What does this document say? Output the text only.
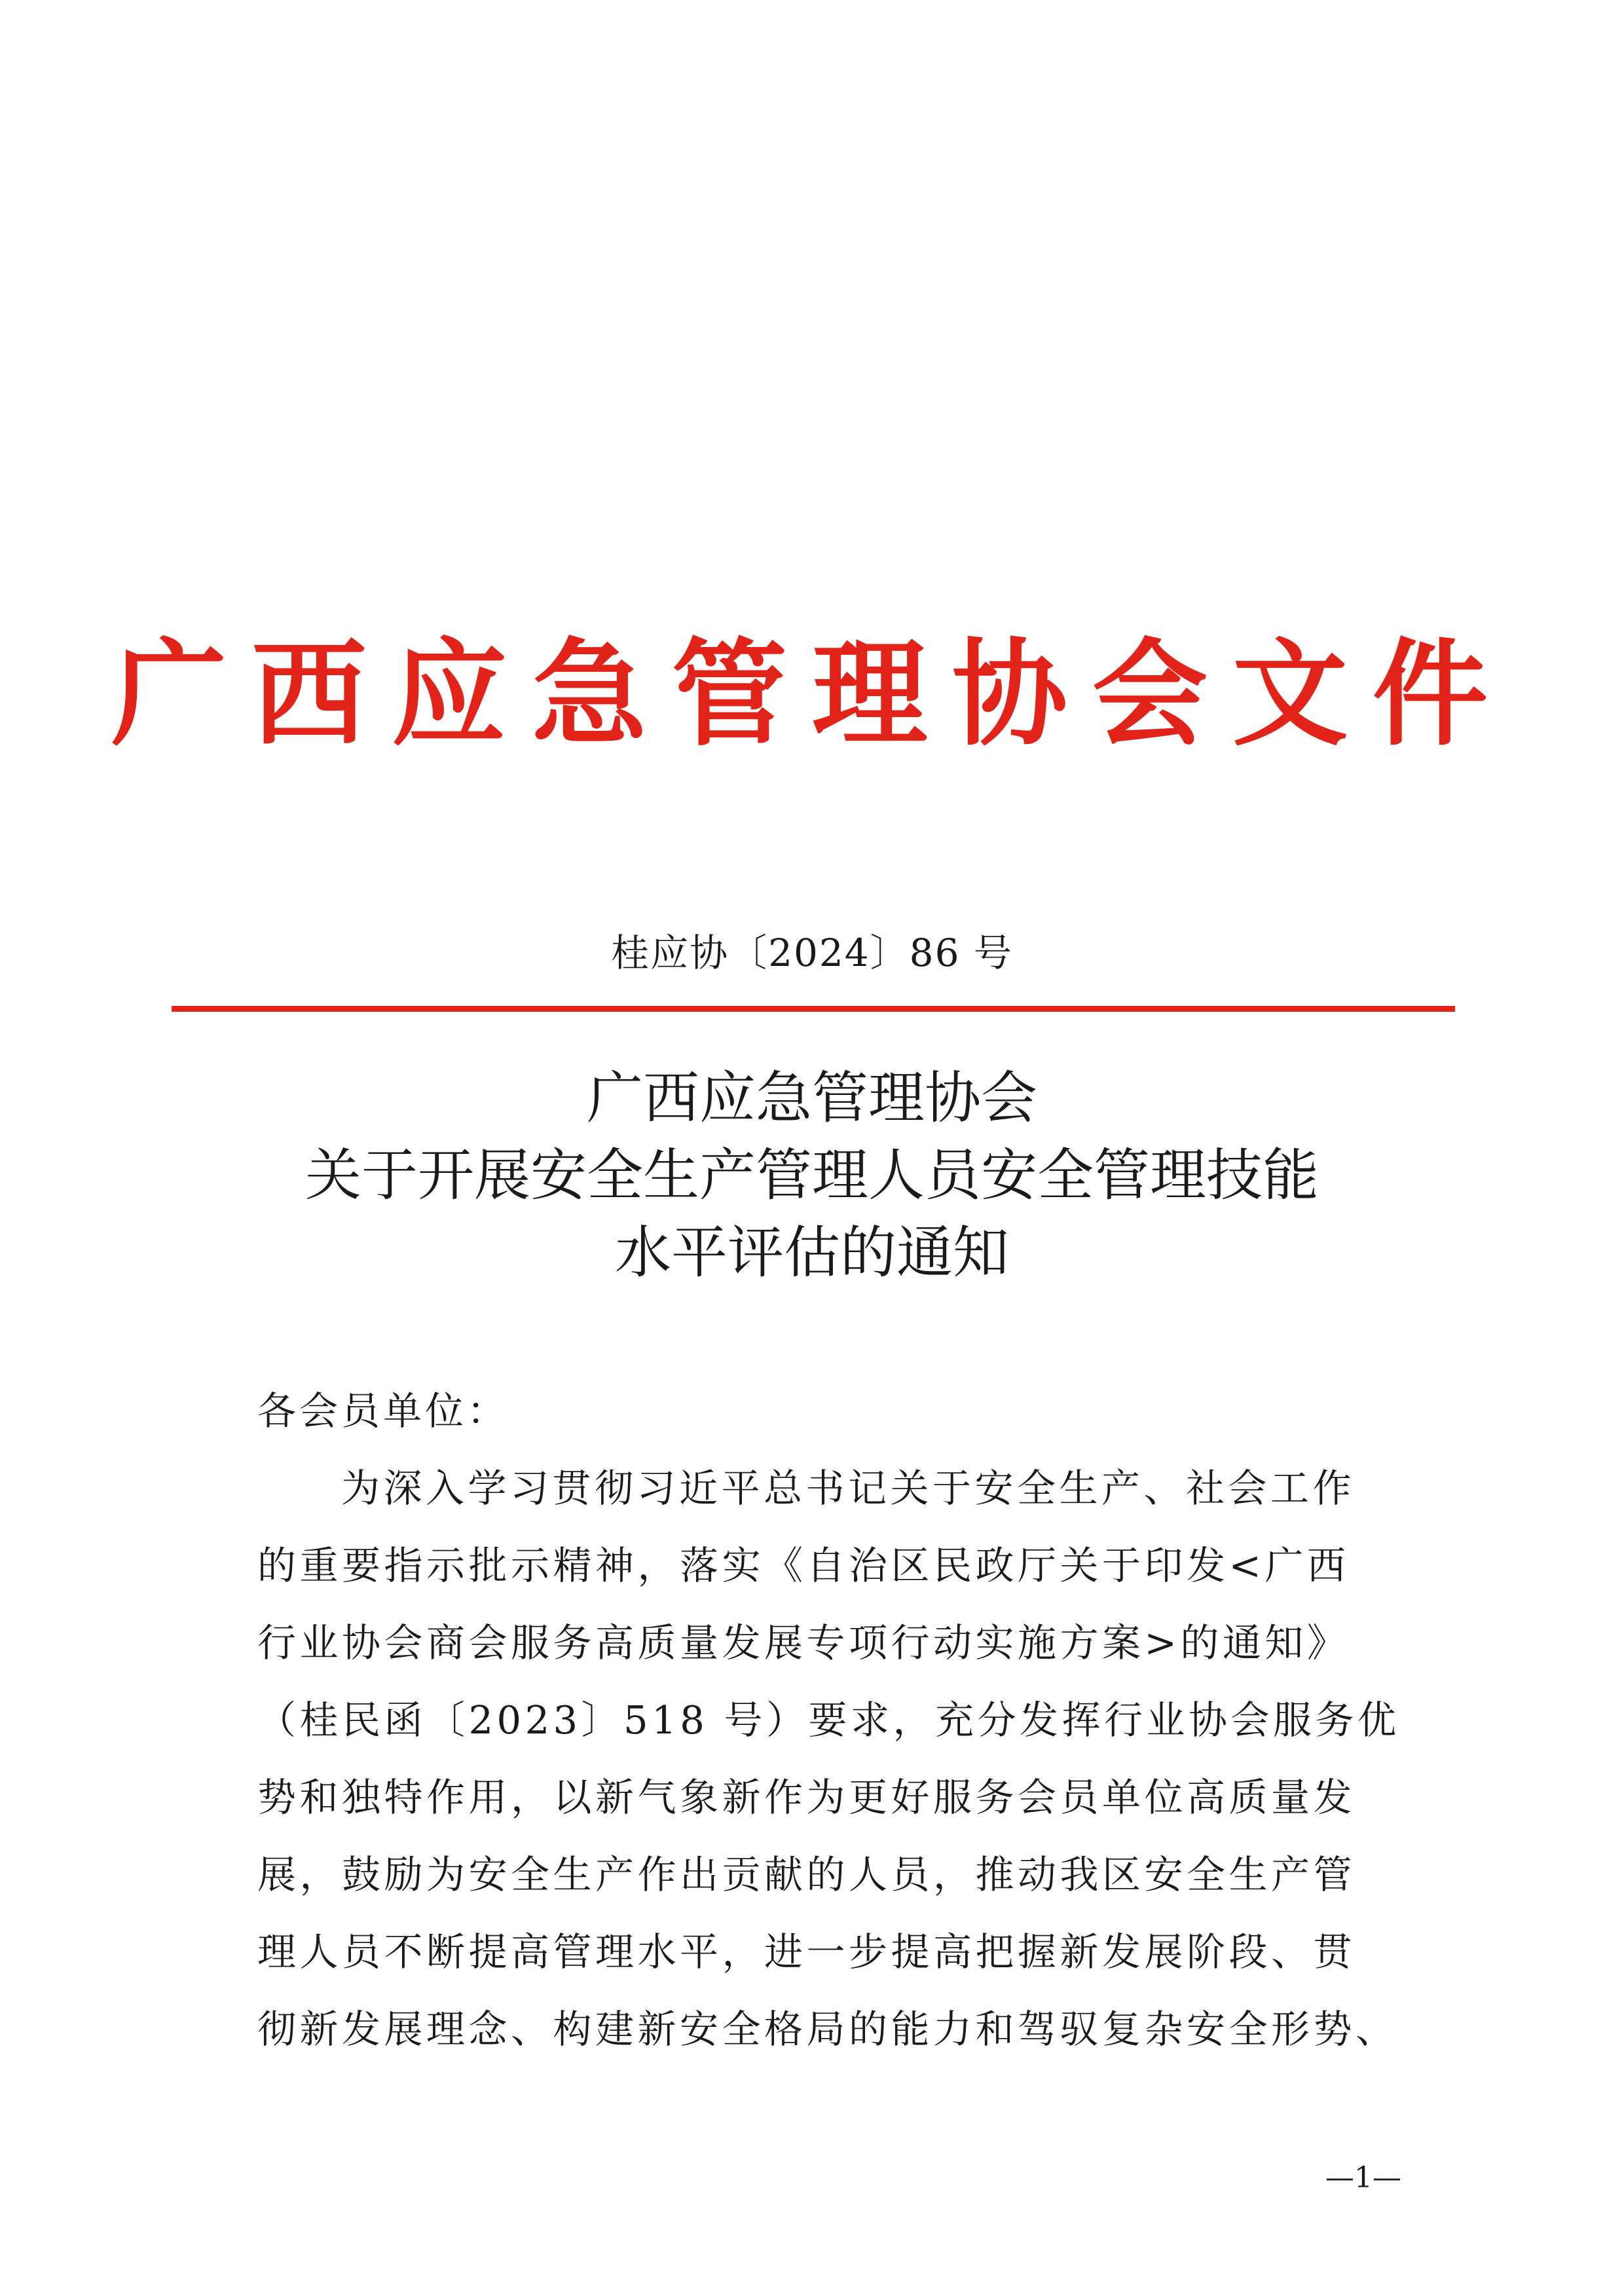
广西应急管理协会文件
桂应协〔2024〕86 号
广西应急管理协会
关于开展安全生产管理人员安全管理技能
水平评估的通知
各会员单位：
为深入学习贯彻习近平总书记关于安全生产、社会工作
的重要指示批示精神，落实《自治区民政厅关于印发<广西
行业协会商会服务高质量发展专项行动实施方案>的通知》
（桂民函〔2023〕518 号）要求，充分发挥行业协会服务优
势和独特作用，以新气象新作为更好服务会员单位高质量发
展，鼓励为安全生产作出贡献的人员，推动我区安全生产管
理人员不断提高管理水平，进一步提高把握新发展阶段、贯
彻新发展理念、构建新安全格局的能力和驾驭复杂安全形势、
—1—
